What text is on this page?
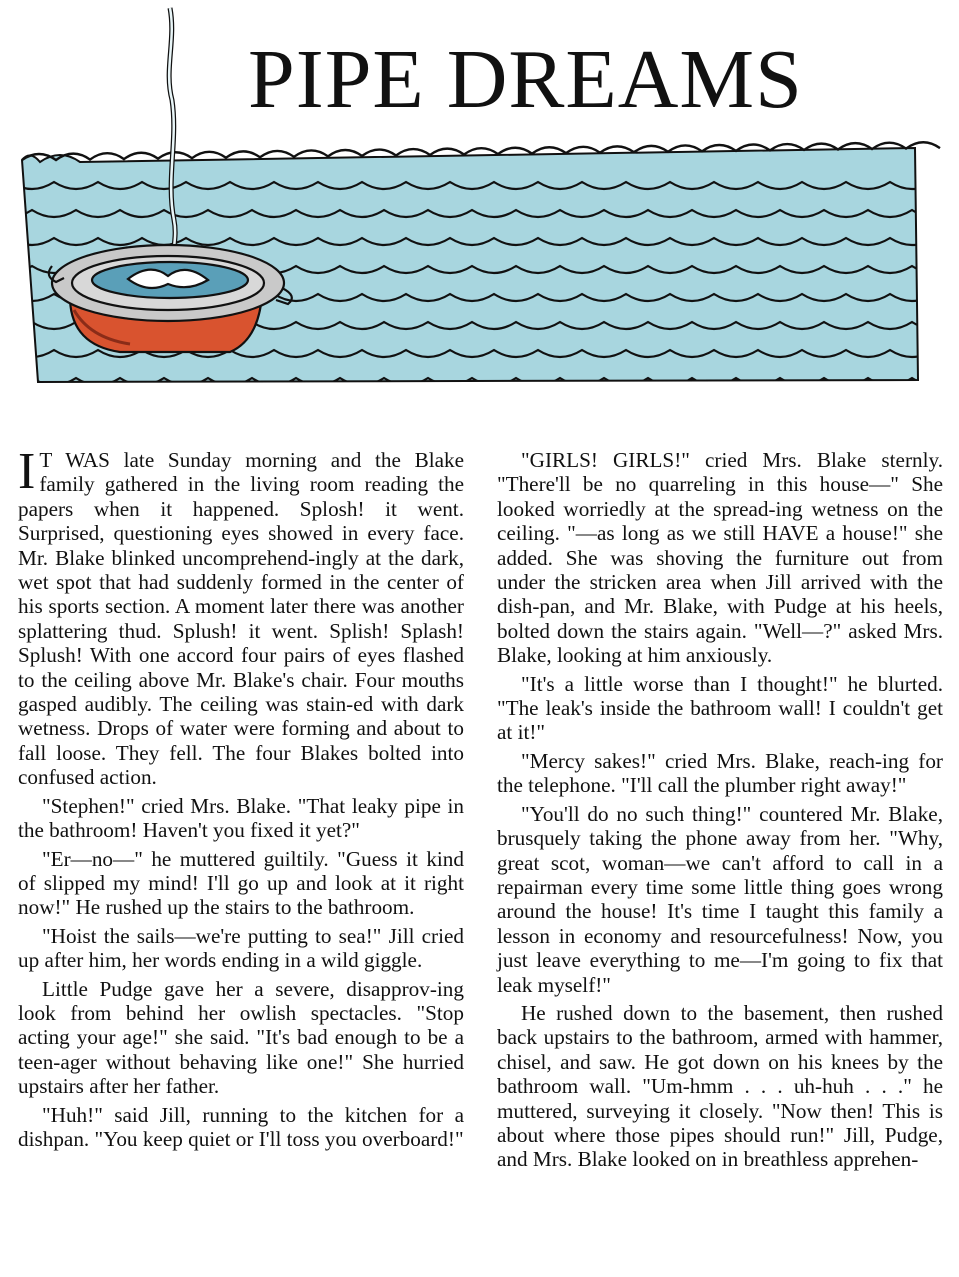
PIPE DREAMS

I T WAS late Sunday morning and the Blake family gathered in the living room reading the papers when it happened. Splosh! it went. Surprised, questioning eyes showed in every face. Mr. Blake blinked uncomprehend-ingly at the dark, wet spot that had suddenly formed in the center of his sports section. A moment later there was another splattering thud. Splush! it went. Splish! Splash! Splush! With one accord four pairs of eyes flashed to the ceiling above Mr. Blake's chair. Four mouths gasped audibly. The ceiling was stain-ed with dark wetness. Drops of water were forming and about to fall loose. They fell. The four Blakes bolted into confused action.

"Stephen!" cried Mrs. Blake. "That leaky pipe in the bathroom! Haven't you fixed it yet?"

"Er—no—" he muttered guiltily. "Guess it kind of slipped my mind! I'll go up and look at it right now!" He rushed up the stairs to the bathroom.

"Hoist the sails—we're putting to sea!" Jill cried up after him, her words ending in a wild giggle.

Little Pudge gave her a severe, disapprov-ing look from behind her owlish spectacles. "Stop acting your age!" she said. "It's bad enough to be a teen-ager without behaving like one!" She hurried upstairs after her father.

"Huh!" said Jill, running to the kitchen for a dishpan. "You keep quiet or I'll toss you overboard!"

"GIRLS! GIRLS!" cried Mrs. Blake sternly. "There'll be no quarreling in this house—" She looked worriedly at the spread-ing wetness on the ceiling. "—as long as we still HAVE a house!" she added. She was shoving the furniture out from under the stricken area when Jill arrived with the dish-pan, and Mr. Blake, with Pudge at his heels, bolted down the stairs again. "Well—?" asked Mrs. Blake, looking at him anxiously.

"It's a little worse than I thought!" he blurted. "The leak's inside the bathroom wall! I couldn't get at it!"

"Mercy sakes!" cried Mrs. Blake, reach-ing for the telephone. "I'll call the plumber right away!"

"You'll do no such thing!" countered Mr. Blake, brusquely taking the phone away from her. "Why, great scot, woman—we can't afford to call in a repairman every time some little thing goes wrong around the house! It's time I taught this family a lesson in economy and resourcefulness! Now, you just leave everything to me—I'm going to fix that leak myself!"

He rushed down to the basement, then rushed back upstairs to the bathroom, armed with hammer, chisel, and saw. He got down on his knees by the bathroom wall. "Um-hmm . . . uh-huh . . ." he muttered, surveying it closely. "Now then! This is about where those pipes should run!" Jill, Pudge, and Mrs. Blake looked on in breathless apprehen-
